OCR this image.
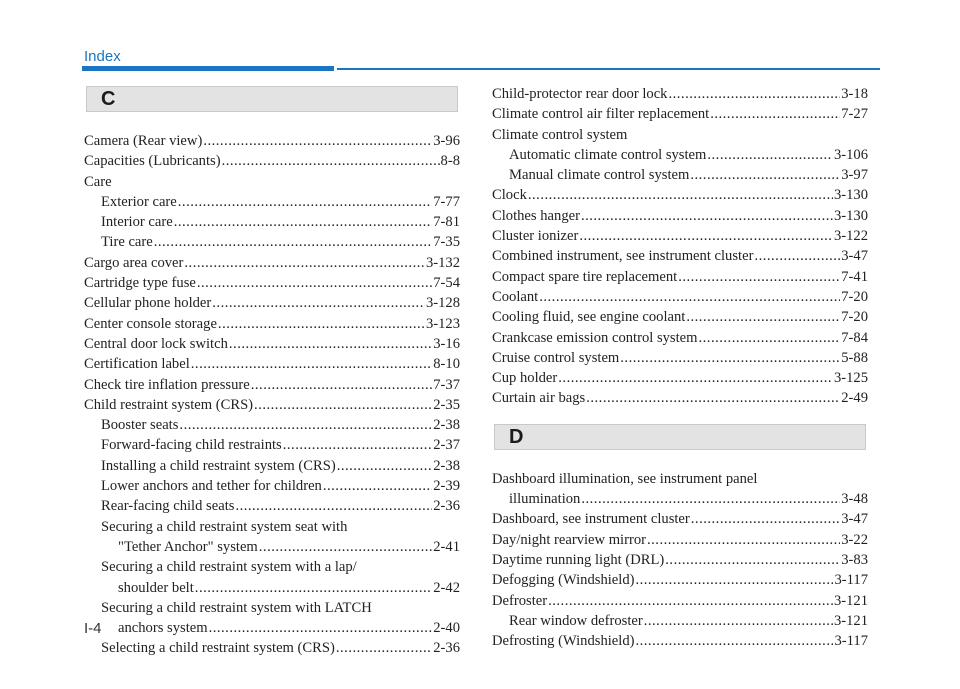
Index
C
Camera (Rear view) .....	3-96
Capacities (Lubricants) .....	8-8
Care
Exterior care .....	7-77
Interior care .....	7-81
Tire care .....	7-35
Cargo area cover .....	3-132
Cartridge type fuse .....	7-54
Cellular phone holder .....	3-128
Center console storage .....	3-123
Central door lock switch .....	3-16
Certification label .....	8-10
Check tire inflation pressure .....	7-37
Child restraint system (CRS) .....	2-35
Booster seats .....	2-38
Forward-facing child restraints .....	2-37
Installing a child restraint system (CRS) .....	2-38
Lower anchors and tether for children .....	2-39
Rear-facing child seats .....	2-36
Securing a child restraint system seat with
"Tether Anchor" system .....	2-41
Securing a child restraint system with a lap/
shoulder belt .....	2-42
Securing a child restraint system with LATCH
anchors system .....	2-40
Selecting a child restraint system (CRS) .....	2-36
Child-protector rear door lock .....	3-18
Climate control air filter replacement .....	7-27
Climate control system
Automatic climate control system .....	3-106
Manual climate control system .....	3-97
Clock .....	3-130
Clothes hanger .....	3-130
Cluster ionizer .....	3-122
Combined instrument, see instrument cluster .....	3-47
Compact spare tire replacement .....	7-41
Coolant .....	7-20
Cooling fluid, see engine coolant .....	7-20
Crankcase emission control system .....	7-84
Cruise control system .....	5-88
Cup holder .....	3-125
Curtain air bags .....	2-49
D
Dashboard illumination, see instrument panel
illumination .....	3-48
Dashboard, see instrument cluster .....	3-47
Day/night rearview mirror .....	3-22
Daytime running light (DRL) .....	3-83
Defogging (Windshield) .....	3-117
Defroster .....	3-121
Rear window defroster .....	3-121
Defrosting (Windshield) .....	3-117
I-4
